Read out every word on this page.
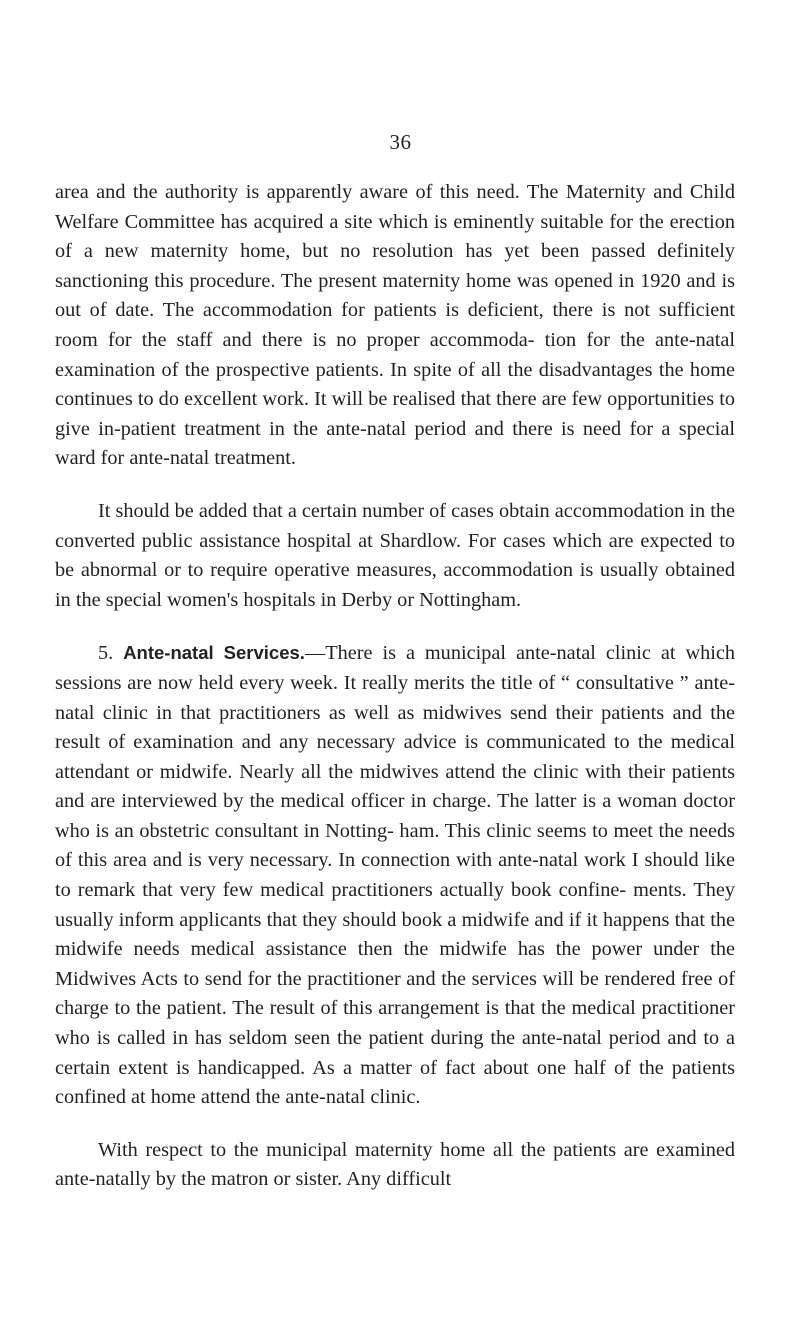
36

area and the authority is apparently aware of this need. The Maternity and Child Welfare Committee has acquired a site which is eminently suitable for the erection of a new maternity home, but no resolution has yet been passed definitely sanctioning this procedure. The present maternity home was opened in 1920 and is out of date. The accommodation for patients is deficient, there is not sufficient room for the staff and there is no proper accommoda- tion for the ante-natal examination of the prospective patients. In spite of all the disadvantages the home continues to do excellent work. It will be realised that there are few opportunities to give in-patient treatment in the ante-natal period and there is need for a special ward for ante-natal treatment.

It should be added that a certain number of cases obtain accommodation in the converted public assistance hospital at Shardlow. For cases which are expected to be abnormal or to require operative measures, accommodation is usually obtained in the special women's hospitals in Derby or Nottingham.

5. Ante-natal Services.—There is a municipal ante-natal clinic at which sessions are now held every week. It really merits the title of “ consultative ” ante-natal clinic in that practitioners as well as midwives send their patients and the result of examination and any necessary advice is communicated to the medical attendant or midwife. Nearly all the midwives attend the clinic with their patients and are interviewed by the medical officer in charge. The latter is a woman doctor who is an obstetric consultant in Notting- ham. This clinic seems to meet the needs of this area and is very necessary. In connection with ante-natal work I should like to remark that very few medical practitioners actually book confine- ments. They usually inform applicants that they should book a midwife and if it happens that the midwife needs medical assistance then the midwife has the power under the Midwives Acts to send for the practitioner and the services will be rendered free of charge to the patient. The result of this arrangement is that the medical practitioner who is called in has seldom seen the patient during the ante-natal period and to a certain extent is handicapped. As a matter of fact about one half of the patients confined at home attend the ante-natal clinic.

With respect to the municipal maternity home all the patients are examined ante-natally by the matron or sister. Any difficult
